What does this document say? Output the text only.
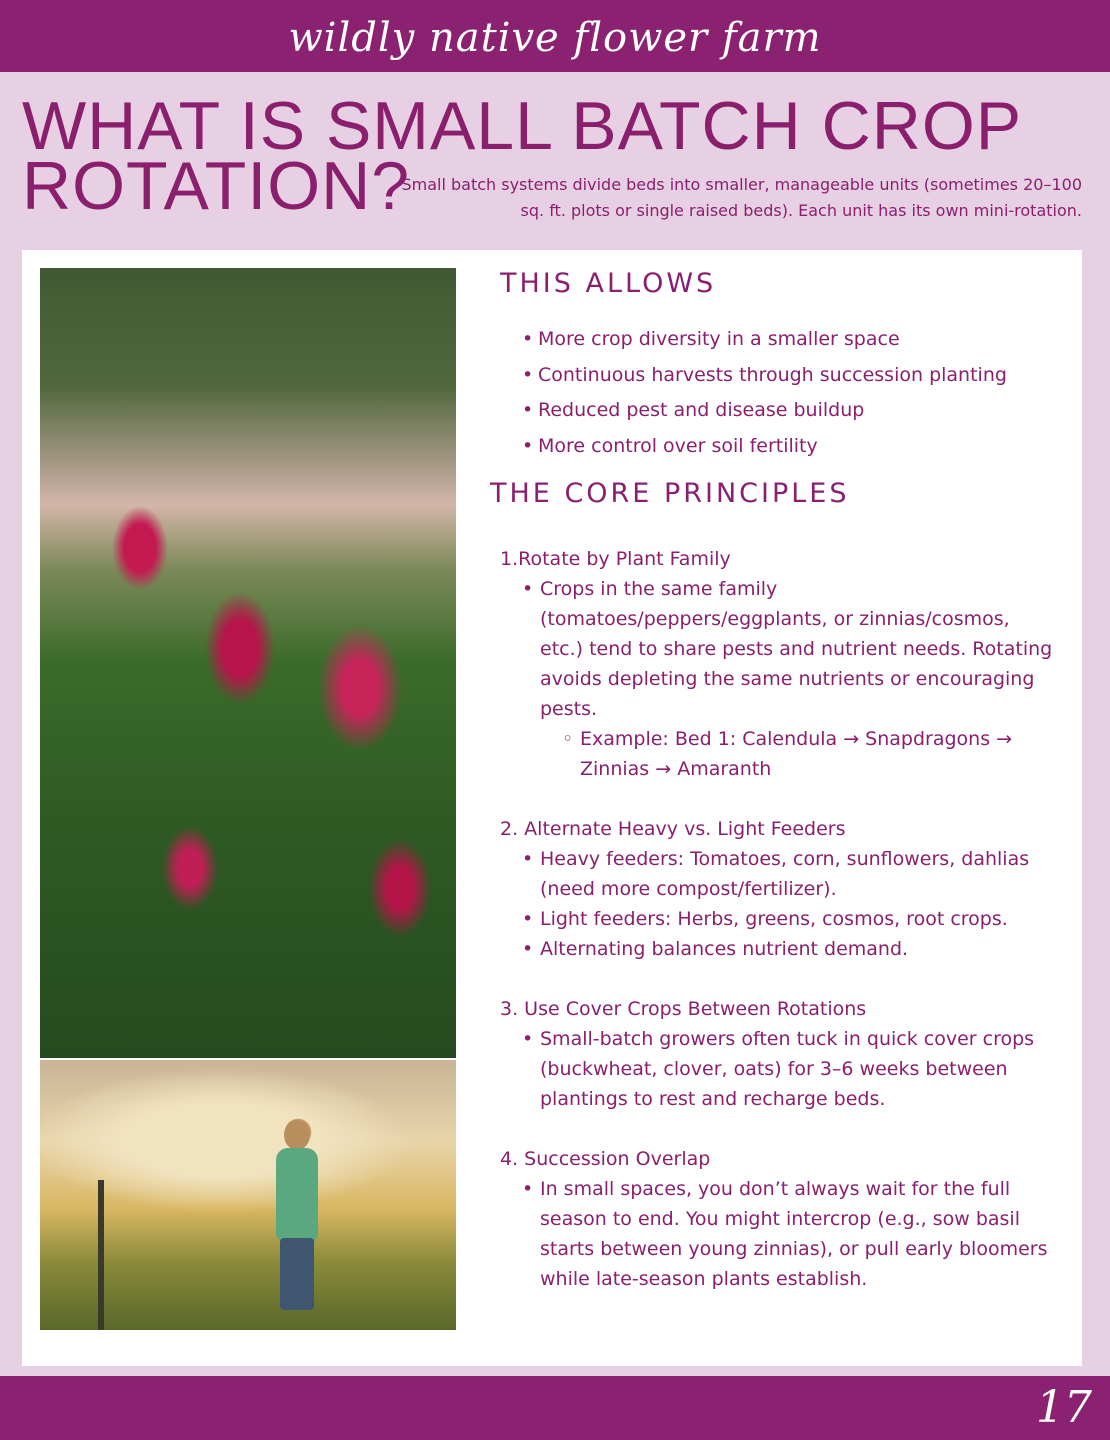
wildly native flower farm
WHAT IS SMALL BATCH CROP
ROTATION?

Small batch systems divide beds into smaller, manageable units (sometimes 20–100 sq. ft. plots or single raised beds). Each unit has its own mini-rotation.

THIS ALLOWS
• More crop diversity in a smaller space
• Continuous harvests through succession planting
• Reduced pest and disease buildup
• More control over soil fertility
THE CORE PRINCIPLES
1.Rotate by Plant Family
• Crops in the same family (tomatoes/peppers/eggplants, or zinnias/cosmos, etc.) tend to share pests and nutrient needs. Rotating avoids depleting the same nutrients or encouraging pests.
◦ Example: Bed 1: Calendula → Snapdragons → Zinnias → Amaranth
2. Alternate Heavy vs. Light Feeders
• Heavy feeders: Tomatoes, corn, sunflowers, dahlias (need more compost/fertilizer).
• Light feeders: Herbs, greens, cosmos, root crops.
• Alternating balances nutrient demand.
3. Use Cover Crops Between Rotations
• Small-batch growers often tuck in quick cover crops (buckwheat, clover, oats) for 3–6 weeks between plantings to rest and recharge beds.
4. Succession Overlap
• In small spaces, you don’t always wait for the full season to end. You might intercrop (e.g., sow basil starts between young zinnias), or pull early bloomers while late-season plants establish.
17
